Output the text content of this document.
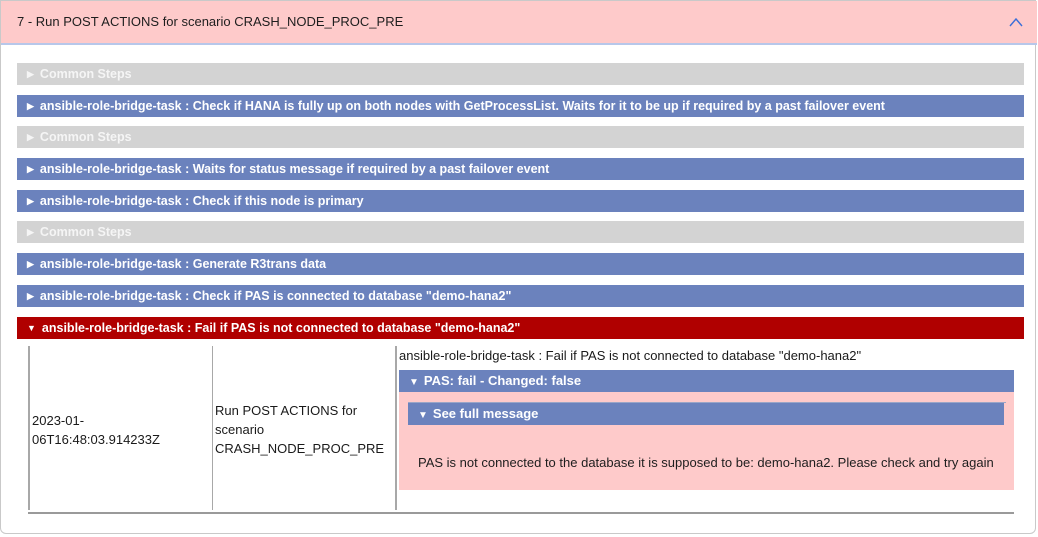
7 - Run POST ACTIONS for scenario CRASH_NODE_PROC_PRE
▶ Common Steps
▶ ansible-role-bridge-task : Check if HANA is fully up on both nodes with GetProcessList. Waits for it to be up if required by a past failover event
▶ Common Steps
▶ ansible-role-bridge-task : Waits for status message if required by a past failover event
▶ ansible-role-bridge-task : Check if this node is primary
▶ Common Steps
▶ ansible-role-bridge-task : Generate R3trans data
▶ ansible-role-bridge-task : Check if PAS is connected to database "demo-hana2"
▼ ansible-role-bridge-task : Fail if PAS is not connected to database "demo-hana2"
2023-01-06T16:48:03.914233Z
Run POST ACTIONS for scenario CRASH_NODE_PROC_PRE
ansible-role-bridge-task : Fail if PAS is not connected to database "demo-hana2"
▼ PAS: fail - Changed: false
▼ See full message
PAS is not connected to the database it is supposed to be: demo-hana2. Please check and try again
